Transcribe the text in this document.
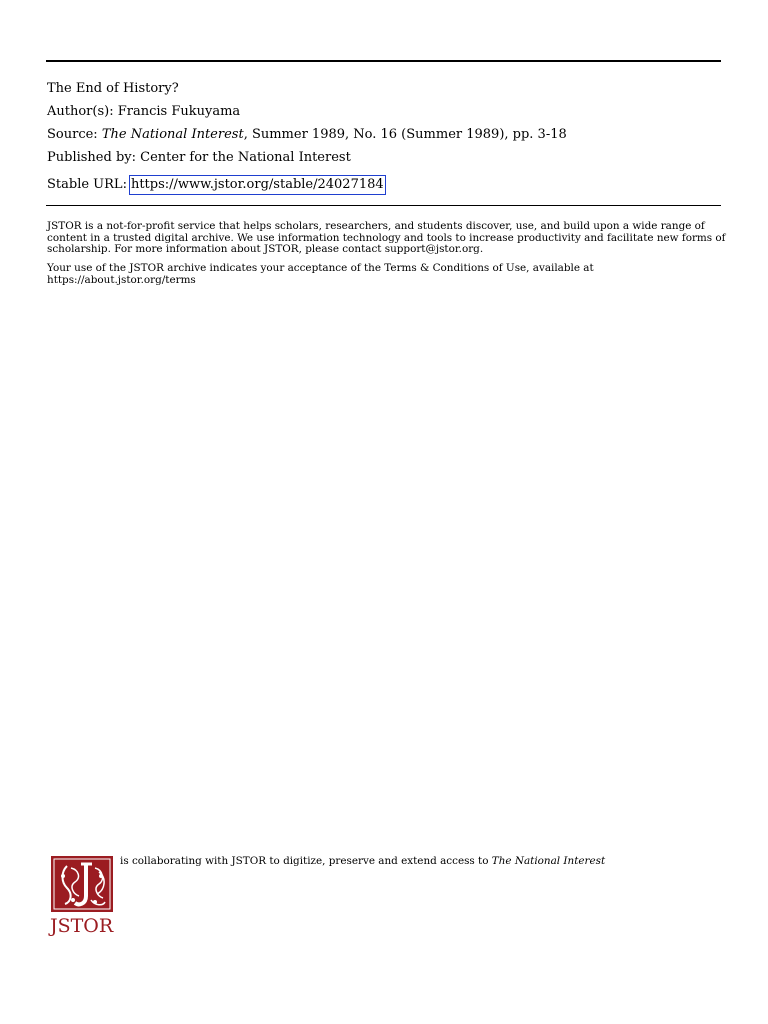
The End of History?
Author(s): Francis Fukuyama
Source: The National Interest, Summer 1989, No. 16 (Summer 1989), pp. 3-18
Published by: Center for the National Interest
Stable URL: https://www.jstor.org/stable/24027184

JSTOR is a not-for-profit service that helps scholars, researchers, and students discover, use, and build upon a wide range of content in a trusted digital archive. We use information technology and tools to increase productivity and facilitate new forms of scholarship. For more information about JSTOR, please contact support@jstor.org.

Your use of the JSTOR archive indicates your acceptance of the Terms & Conditions of Use, available at https://about.jstor.org/terms

JSTOR
is collaborating with JSTOR to digitize, preserve and extend access to The National Interest
